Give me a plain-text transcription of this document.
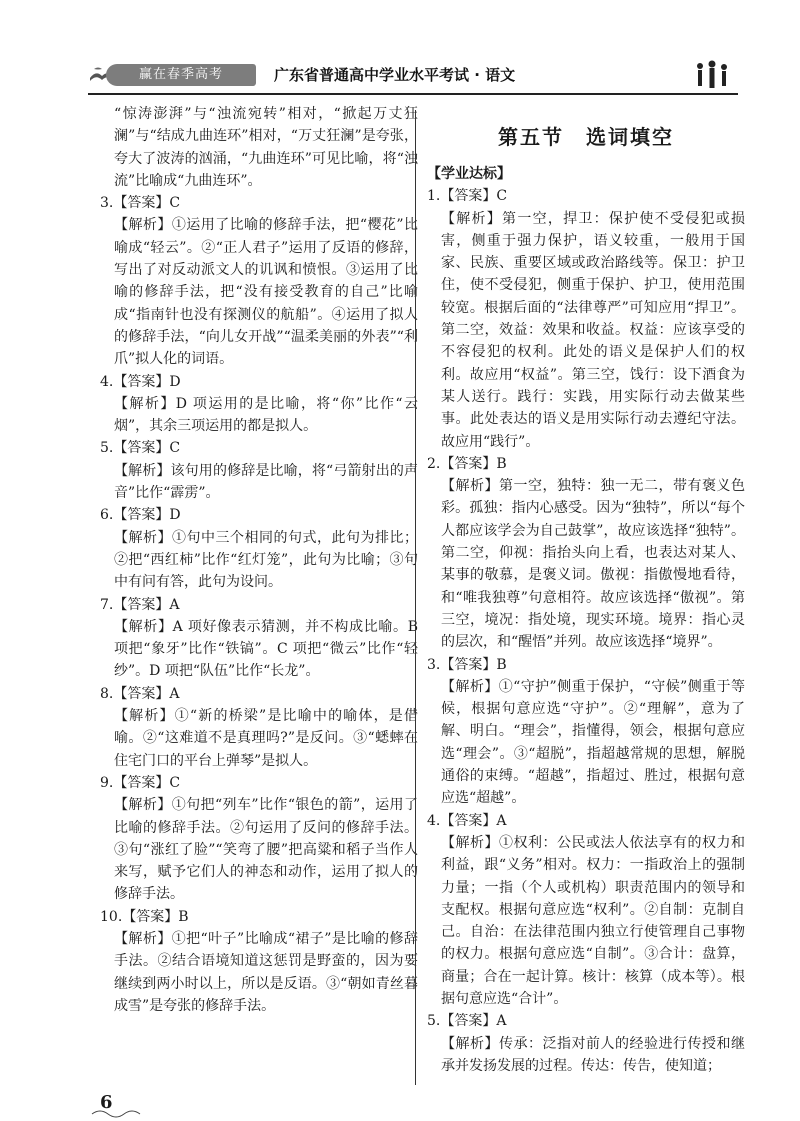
赢在春季高考	广东省普通高中学业水平考试 · 语文

“惊涛澎湃”与“浊流宛转”相对，“掀起万丈狂澜”与“结成九曲连环”相对，“万丈狂澜”是夸张，夸大了波涛的汹涌，“九曲连环”可见比喻，将“浊流”比喻成“九曲连环”。

3.【答案】C

【解析】①运用了比喻的修辞手法，把“樱花”比喻成“轻云”。②“正人君子”运用了反语的修辞，写出了对反动派文人的讥讽和愤恨。③运用了比喻的修辞手法，把“没有接受教育的自己”比喻成“指南针也没有探测仪的航船”。④运用了拟人的修辞手法，“向儿女开战”“温柔美丽的外表”“利爪”拟人化的词语。

4.【答案】D

【解析】D 项运用的是比喻，将“你”比作“云烟”，其余三项运用的都是拟人。

5.【答案】C

【解析】该句用的修辞是比喻，将“弓箭射出的声音”比作“霹雳”。

6.【答案】D

【解析】①句中三个相同的句式，此句为排比；②把“西红柿”比作“红灯笼”，此句为比喻；③句中有问有答，此句为设问。

7.【答案】A

【解析】A 项好像表示猜测，并不构成比喻。B 项把“象牙”比作“铁镐”。C 项把“微云”比作“轻纱”。D 项把“队伍”比作“长龙”。

8.【答案】A

【解析】①“新的桥梁”是比喻中的喻体，是借喻。②“这难道不是真理吗?”是反问。③“蟋蟀在住宅门口的平台上弹琴”是拟人。

9.【答案】C

【解析】①句把“列车”比作“银色的箭”，运用了比喻的修辞手法。②句运用了反问的修辞手法。③句“涨红了脸”“笑弯了腰”把高粱和稻子当作人来写，赋予它们人的神态和动作，运用了拟人的修辞手法。

10.【答案】B

【解析】①把“叶子”比喻成“裙子”是比喻的修辞手法。②结合语境知道这惩罚是野蛮的，因为要继续到两小时以上，所以是反语。③“朝如青丝暮成雪”是夸张的修辞手法。

第五节 选词填空

【学业达标】

1.【答案】C

【解析】第一空，捍卫：保护使不受侵犯或损害，侧重于强力保护，语义较重，一般用于国家、民族、重要区域或政治路线等。保卫：护卫住，使不受侵犯，侧重于保护、护卫，使用范围较宽。根据后面的“法律尊严”可知应用“捍卫”。第二空，效益：效果和收益。权益：应该享受的不容侵犯的权利。此处的语义是保护人们的权利。故应用“权益”。第三空，饯行：设下酒食为某人送行。践行：实践，用实际行动去做某些事。此处表达的语义是用实际行动去遵纪守法。故应用“践行”。

2.【答案】B

【解析】第一空，独特：独一无二，带有褒义色彩。孤独：指内心感受。因为“独特”，所以“每个人都应该学会为自己鼓掌”，故应该选择“独特”。第二空，仰视：指抬头向上看，也表达对某人、某事的敬慕，是褒义词。傲视：指傲慢地看待，和“唯我独尊”句意相符。故应该选择“傲视”。第三空，境况：指处境，现实环境。境界：指心灵的层次，和“醒悟”并列。故应该选择“境界”。

3.【答案】B

【解析】①“守护”侧重于保护，“守候”侧重于等候，根据句意应选“守护”。②“理解”，意为了解、明白。“理会”，指懂得，领会，根据句意应选“理会”。③“超脱”，指超越常规的思想，解脱通俗的束缚。“超越”，指超过、胜过，根据句意应选“超越”。

4.【答案】A

【解析】①权利：公民或法人依法享有的权力和利益，跟“义务”相对。权力：一指政治上的强制力量；一指（个人或机构）职责范围内的领导和支配权。根据句意应选“权利”。②自制：克制自己。自治：在法律范围内独立行使管理自己事物的权力。根据句意应选“自制”。③合计：盘算，商量；合在一起计算。核计：核算（成本等）。根据句意应选“合计”。

5.【答案】A

【解析】传承：泛指对前人的经验进行传授和继承并发扬发展的过程。传达：传告，使知道；

6
